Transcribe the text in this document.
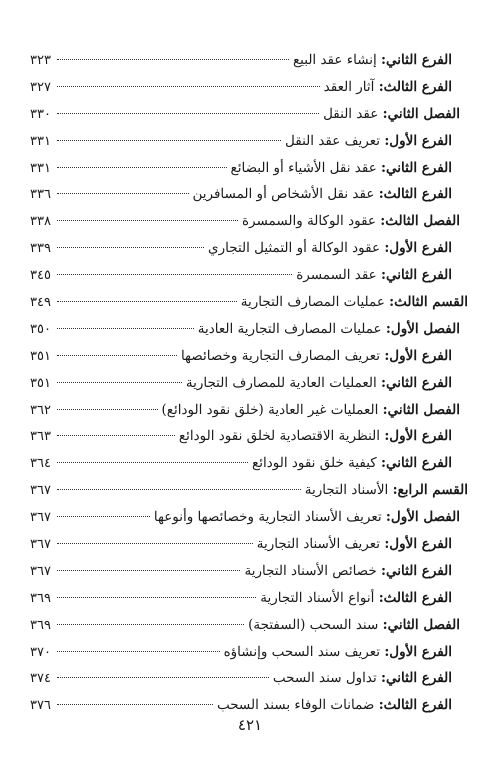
الفرع الثاني:

إنشاء عقد البيع
٣٢٣
الفرع الثالث:

آثار العقد
٣٢٧
الفصل الثاني:

عقد النقل
٣٣٠
الفرع الأول:

تعريف عقد النقل
٣٣١
الفرع الثاني:

عقد نقل الأشياء أو البضائع
٣٣١
الفرع الثالث:

عقد نقل الأشخاص أو المسافرين
٣٣٦
الفصل الثالث:

عقود الوكالة والسمسرة
٣٣٨
الفرع الأول:

عقود الوكالة أو التمثيل التجاري
٣٣٩
الفرع الثاني:

عقد السمسرة
٣٤٥
القسم الثالث:

عمليات المصارف التجارية
٣٤٩
الفصل الأول:

عمليات المصارف التجارية العادية
٣٥٠
الفرع الأول:

تعريف المصارف التجارية وخصائصها
٣٥١
الفرع الثاني:

العمليات العادية للمصارف التجارية
٣٥١
الفصل الثاني:

العمليات غير العادية (خلق نقود الودائع)
٣٦٢
الفرع الأول:

النظرية الاقتصادية لخلق نقود الودائع
٣٦٣
الفرع الثاني:

كيفية خلق نقود الودائع
٣٦٤
القسم الرابع:

الأسناد التجارية
٣٦٧
الفصل الأول:

تعريف الأسناد التجارية وخصائصها وأنوعها
٣٦٧
الفرع الأول:

تعريف الأسناد التجارية
٣٦٧
الفرع الثاني:

خصائص الأسناد التجارية
٣٦٧
الفرع الثالث:

أنواع الأسناد التجارية
٣٦٩
الفصل الثاني:

سند السحب (السفتجة)
٣٦٩
الفرع الأول:

تعريف سند السحب وإنشاؤه
٣٧٠
الفرع الثاني:

تداول سند السحب
٣٧٤
الفرع الثالث:

ضمانات الوفاء بسند السحب
٣٧٦
٤٢١
